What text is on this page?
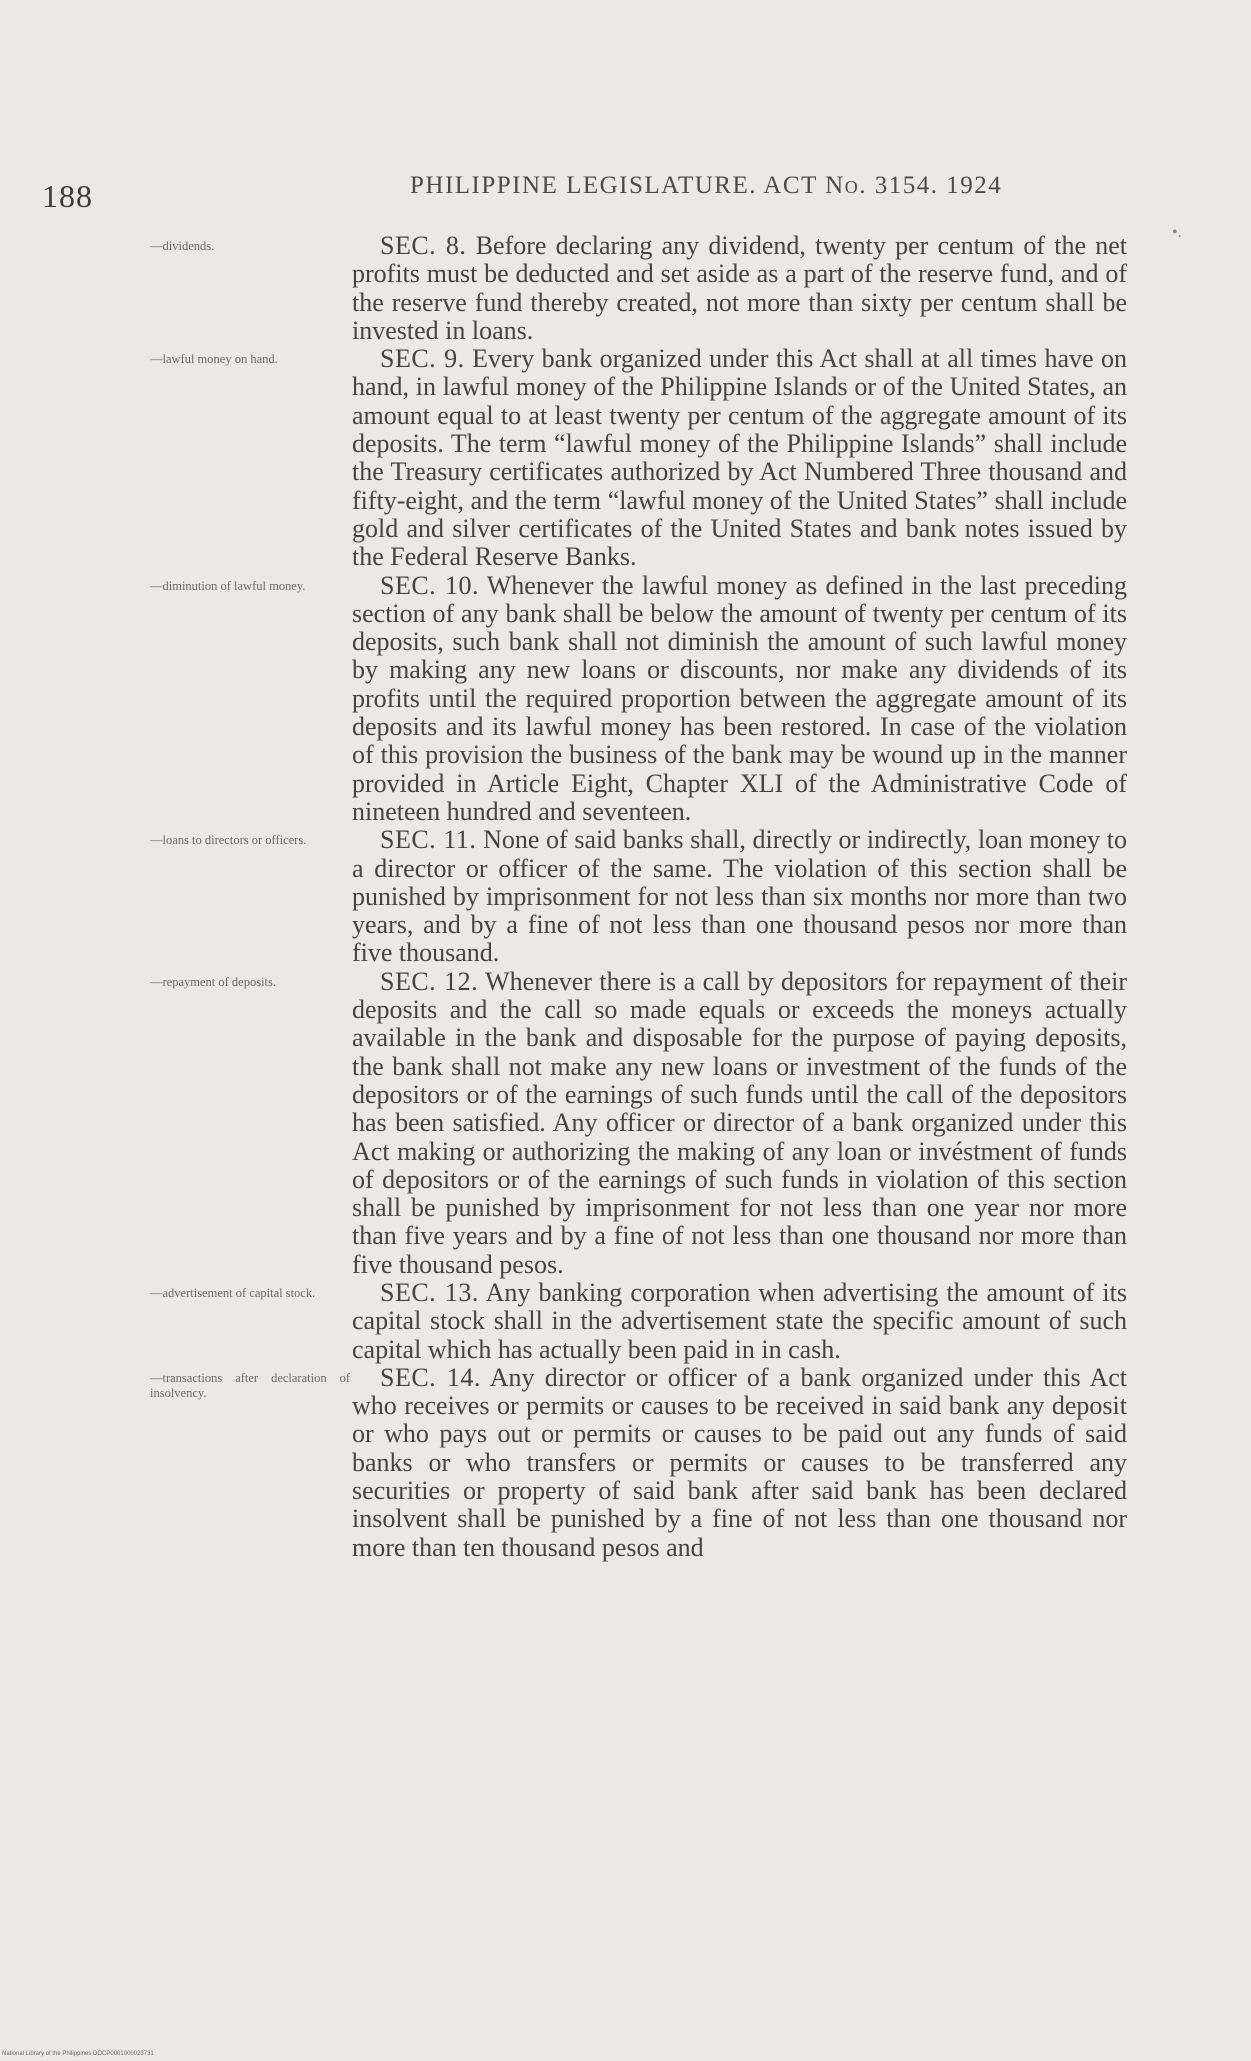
188	PHILIPPINE LEGISLATURE. ACT No. 3154. 1924
•.
—dividends.	SEC. 8. Before declaring any dividend, twenty per centum of the net profits must be deducted and set aside as a part of the reserve fund, and of the reserve fund thereby created, not more than sixty per centum shall be invested in loans.

—lawful money on hand.	SEC. 9. Every bank organized under this Act shall at all times have on hand, in lawful money of the Philippine Islands or of the United States, an amount equal to at least twenty per centum of the aggregate amount of its deposits. The term “lawful money of the Philippine Islands” shall include the Treasury certificates authorized by Act Numbered Three thousand and fifty-eight, and the term “lawful money of the United States” shall include gold and silver certificates of the United States and bank notes issued by the Federal Reserve Banks.

—diminution of lawful money.	SEC. 10. Whenever the lawful money as defined in the last preceding section of any bank shall be below the amount of twenty per centum of its deposits, such bank shall not diminish the amount of such lawful money by making any new loans or discounts, nor make any dividends of its profits until the required proportion between the aggregate amount of its deposits and its lawful money has been restored. In case of the violation of this provision the business of the bank may be wound up in the manner provided in Article Eight, Chapter XLI of the Administrative Code of nineteen hundred and seventeen.

—loans to directors or officers.	SEC. 11. None of said banks shall, directly or indirectly, loan money to a director or officer of the same. The violation of this section shall be punished by imprisonment for not less than six months nor more than two years, and by a fine of not less than one thousand pesos nor more than five thousand.

—repayment of deposits.	SEC. 12. Whenever there is a call by depositors for repayment of their deposits and the call so made equals or exceeds the moneys actually available in the bank and disposable for the purpose of paying deposits, the bank shall not make any new loans or investment of the funds of the depositors or of the earnings of such funds until the call of the depositors has been satisfied. Any officer or director of a bank organized under this Act making or authorizing the making of any loan or invéstment of funds of depositors or of the earnings of such funds in violation of this section shall be punished by imprisonment for not less than one year nor more than five years and by a fine of not less than one thousand nor more than five thousand pesos.

—advertisement of capital stock.	SEC. 13. Any banking corporation when advertising the amount of its capital stock shall in the advertisement state the specific amount of such capital which has actually been paid in in cash.

—transactions after declaration of insolvency.

SEC. 14. Any director or officer of a bank organized under this Act who receives or permits or causes to be received in said bank any deposit or who pays out or permits or causes to be paid out any funds of said banks or who transfers or permits or causes to be transferred any securities or property of said bank after said bank has been declared insolvent shall be punished by a fine of not less than one thousand nor more than ten thousand pesos and

National Library of the Philippines DOCP0001000023731
